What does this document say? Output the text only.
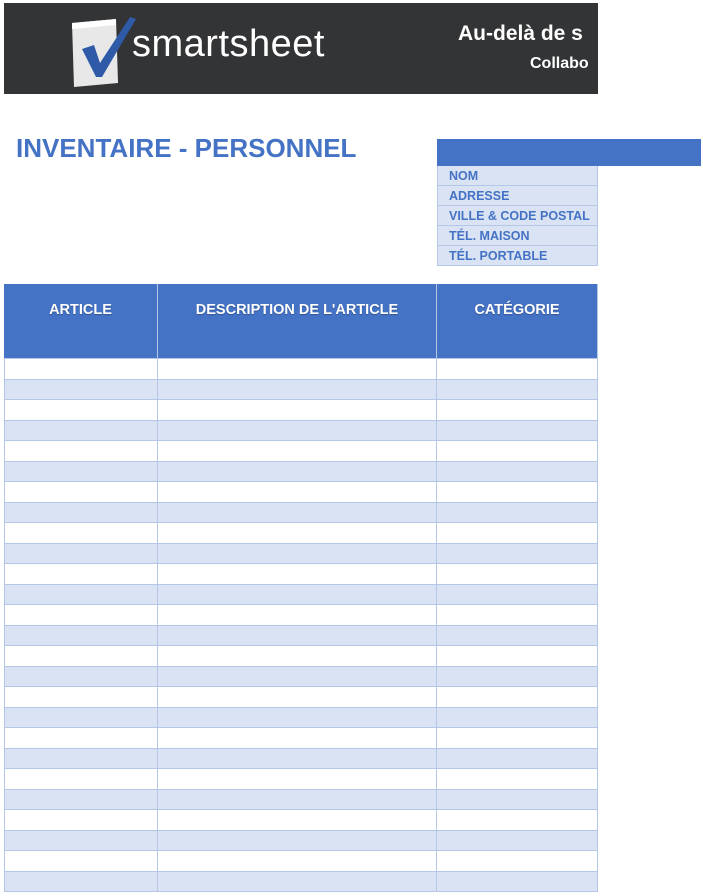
smartsheet	Au-delà de s
Collabo
INVENTAIRE - PERSONNEL
NOM
ADRESSE
VILLE & CODE POSTAL
TÉL. MAISON
TÉL. PORTABLE
ARTICLE	DESCRIPTION DE L'ARTICLE	CATÉGORIE
